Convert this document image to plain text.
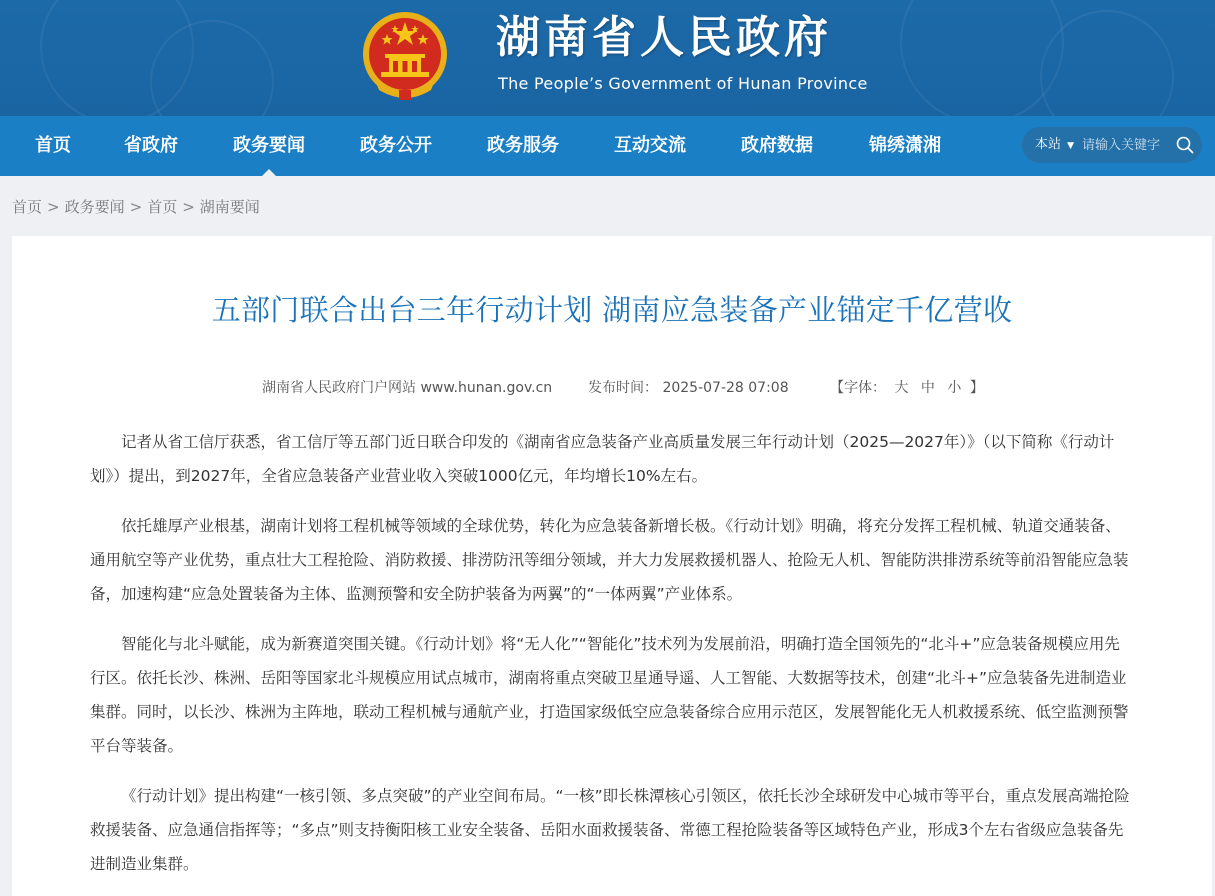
湖南省人民政府
The People’s Government of Hunan Province
首页	省政府	政务要闻	政务公开	政务服务	互动交流	政府数据	锦绣潇湘	本站 ▼
请输入关键字
首页 > 政务要闻 > 首页 > 湖南要闻
五部门联合出台三年行动计划 湖南应急装备产业锚定千亿营收
湖南省人民政府门户网站 www.hunan.gov.cn	发布时间： 2025-07-28 07:08	【字体： 大 中 小 】

记者从省工信厅获悉，省工信厅等五部门近日联合印发的《湖南省应急装备产业高质量发展三年行动计划（2025—2027年）》（以下简称《行动计划》）提出，到2027年，全省应急装备产业营业收入突破1000亿元，年均增长10%左右。

依托雄厚产业根基，湖南计划将工程机械等领域的全球优势，转化为应急装备新增长极。《行动计划》明确，将充分发挥工程机械、轨道交通装备、通用航空等产业优势，重点壮大工程抢险、消防救援、排涝防汛等细分领域，并大力发展救援机器人、抢险无人机、智能防洪排涝系统等前沿智能应急装备，加速构建“应急处置装备为主体、监测预警和安全防护装备为两翼”的“一体两翼”产业体系。

智能化与北斗赋能，成为新赛道突围关键。《行动计划》将“无人化”“智能化”技术列为发展前沿，明确打造全国领先的“北斗+”应急装备规模应用先行区。依托长沙、株洲、岳阳等国家北斗规模应用试点城市，湖南将重点突破卫星通导遥、人工智能、大数据等技术，创建“北斗+”应急装备先进制造业集群。同时，以长沙、株洲为主阵地，联动工程机械与通航产业，打造国家级低空应急装备综合应用示范区，发展智能化无人机救援系统、低空监测预警平台等装备。

《行动计划》提出构建“一核引领、多点突破”的产业空间布局。“一核”即长株潭核心引领区，依托长沙全球研发中心城市等平台，重点发展高端抢险救援装备、应急通信指挥等；“多点”则支持衡阳核工业安全装备、岳阳水面救援装备、常德工程抢险装备等区域特色产业，形成3个左右省级应急装备先进制造业集群。
